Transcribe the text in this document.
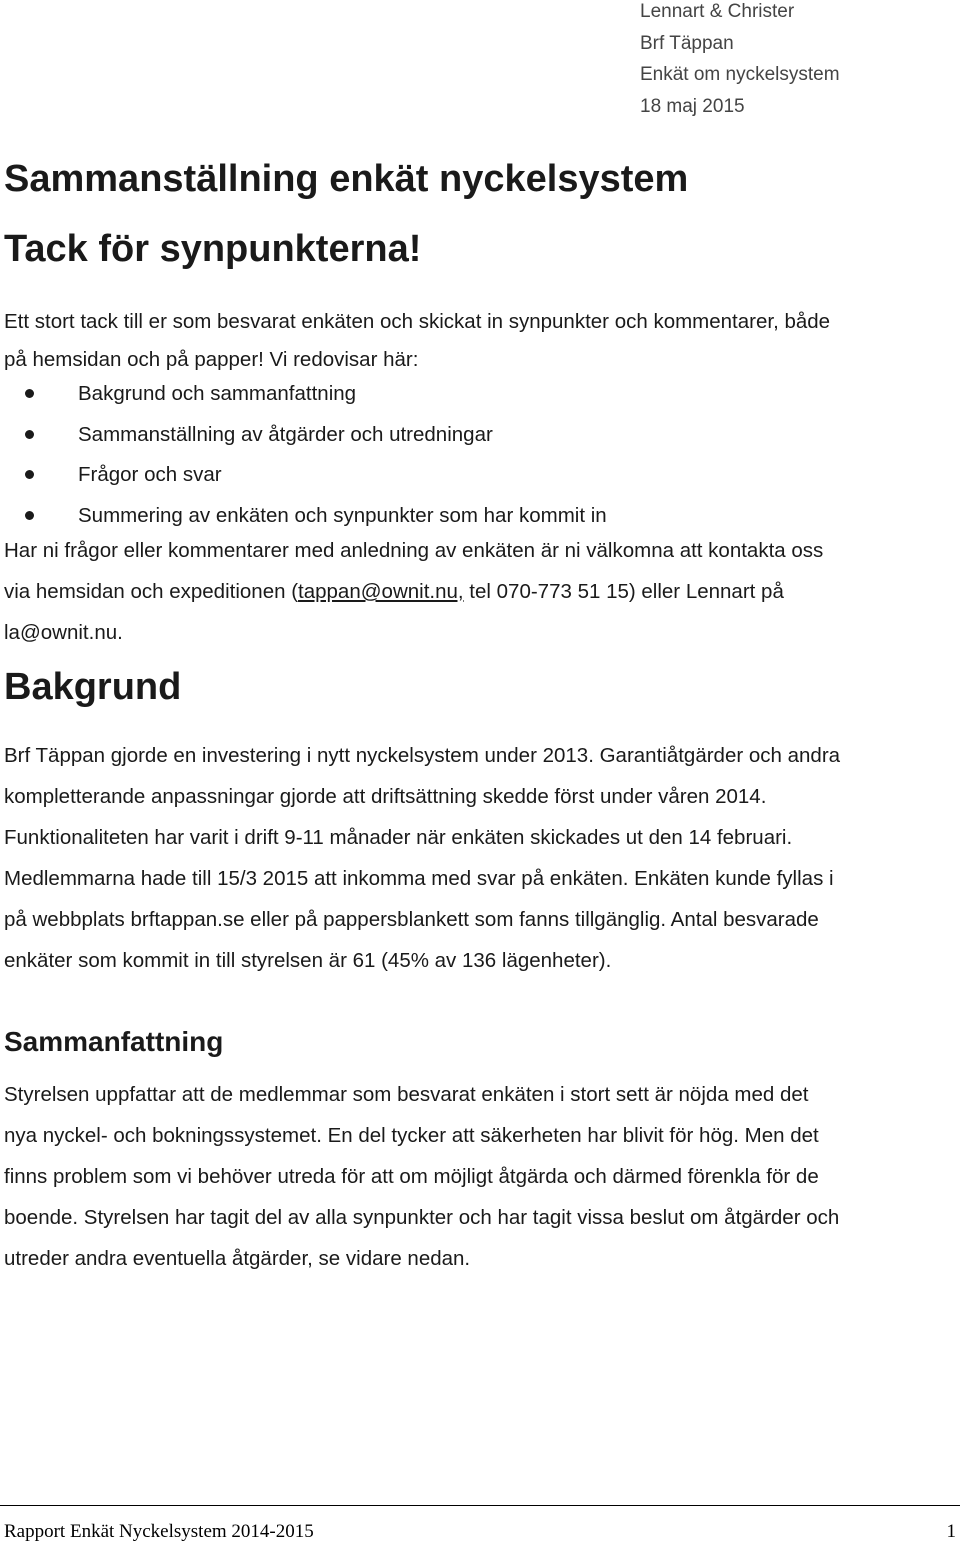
Lennart & Christer
Brf Täppan
Enkät om nyckelsystem
18 maj 2015
Sammanställning enkät nyckelsystem
Tack för synpunkterna!
Ett stort tack till er som besvarat enkäten och skickat in synpunkter och kommentarer, både
på hemsidan och på papper! Vi redovisar här:
Bakgrund och sammanfattning
Sammanställning av åtgärder och utredningar
Frågor och svar
Summering av enkäten och synpunkter som har kommit in
Har ni frågor eller kommentarer med anledning av enkäten är ni välkomna att kontakta oss
via hemsidan och expeditionen (tappan@ownit.nu, tel 070-773 51 15) eller Lennart på
la@ownit.nu.
Bakgrund
Brf Täppan gjorde en investering i nytt nyckelsystem under 2013. Garantiåtgärder och andra
kompletterande anpassningar gjorde att driftsättning skedde först under våren 2014.
Funktionaliteten har varit i drift 9-11 månader när enkäten skickades ut den 14 februari.
Medlemmarna hade till 15/3 2015 att inkomma med svar på enkäten. Enkäten kunde fyllas i
på webbplats brftappan.se eller på pappersblankett som fanns tillgänglig. Antal besvarade
enkäter som kommit in till styrelsen är 61 (45% av 136 lägenheter).
Sammanfattning
Styrelsen uppfattar att de medlemmar som besvarat enkäten i stort sett är nöjda med det
nya nyckel- och bokningssystemet. En del tycker att säkerheten har blivit för hög. Men det
finns problem som vi behöver utreda för att om möjligt åtgärda och därmed förenkla för de
boende. Styrelsen har tagit del av alla synpunkter och har tagit vissa beslut om åtgärder och
utreder andra eventuella åtgärder, se vidare nedan.
Rapport Enkät Nyckelsystem 2014-2015	1
